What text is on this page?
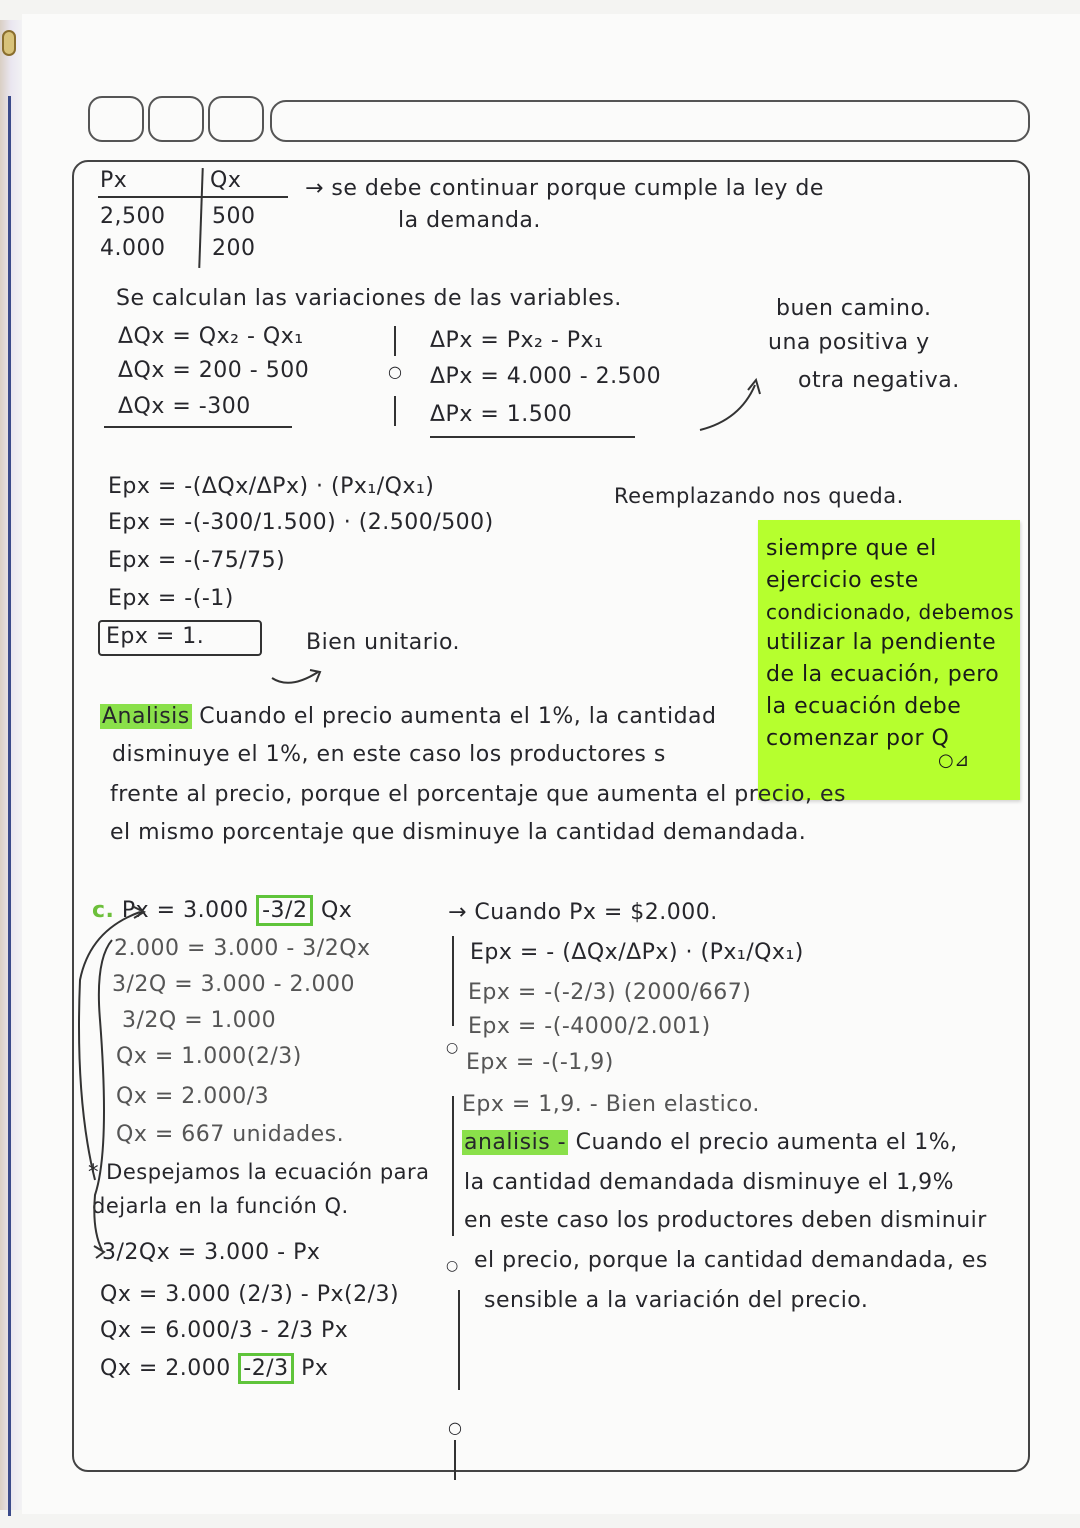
Px	Qx
2,500 500
4.000 200
→ se debe continuar porque cumple la ley de
la demanda.
Se calculan las variaciones de las variables.
ΔQx = Qx₂ - Qx₁
ΔQx = 200 - 500
ΔQx = -300
○
ΔPx = Px₂ - Px₁
ΔPx = 4.000 - 2.500
ΔPx = 1.500
buen camino.
una positiva y
otra negativa.
Epx = -(ΔQx/ΔPx) · (Px₁/Qx₁)	Reemplazando nos queda.
Epx = -(-300/1.500) · (2.500/500)
Epx = -(-75/75)
Epx = -(-1)
Epx = 1.	Bien unitario.
siempre que el
ejercicio este
condicionado, debemos
utilizar la pendiente
de la ecuación, pero
la ecuación debe
comenzar por Q
○⊿
Analisis Cuando el precio aumenta el 1%, la cantidad
disminuye el 1%, en este caso los productores s
frente al precio, porque el porcentaje que aumenta el precio, es
el mismo porcentaje que disminuye la cantidad demandada.
c. Px = 3.000 -3/2 Qx	→ Cuando Px = $2.000.
2.000 = 3.000 - 3/2Qx
3/2Q = 3.000 - 2.000
3/2Q = 1.000
Qx = 1.000(2/3)
Qx = 2.000/3
Qx = 667 unidades.
* Despejamos la ecuación para
dejarla en la función Q.
3/2Qx = 3.000 - Px
Qx = 3.000 (2/3) - Px(2/3)
Qx = 6.000/3 - 2/3 Px
Qx = 2.000 -2/3 Px
○
○
○
Epx = - (ΔQx/ΔPx) · (Px₁/Qx₁)
Epx = -(-2/3) (2000/667)
Epx = -(-4000/2.001)
Epx = -(-1,9)
Epx = 1,9. - Bien elastico.
analisis - Cuando el precio aumenta el 1%,
la cantidad demandada disminuye el 1,9%
en este caso los productores deben disminuir
el precio, porque la cantidad demandada, es
sensible a la variación del precio.
